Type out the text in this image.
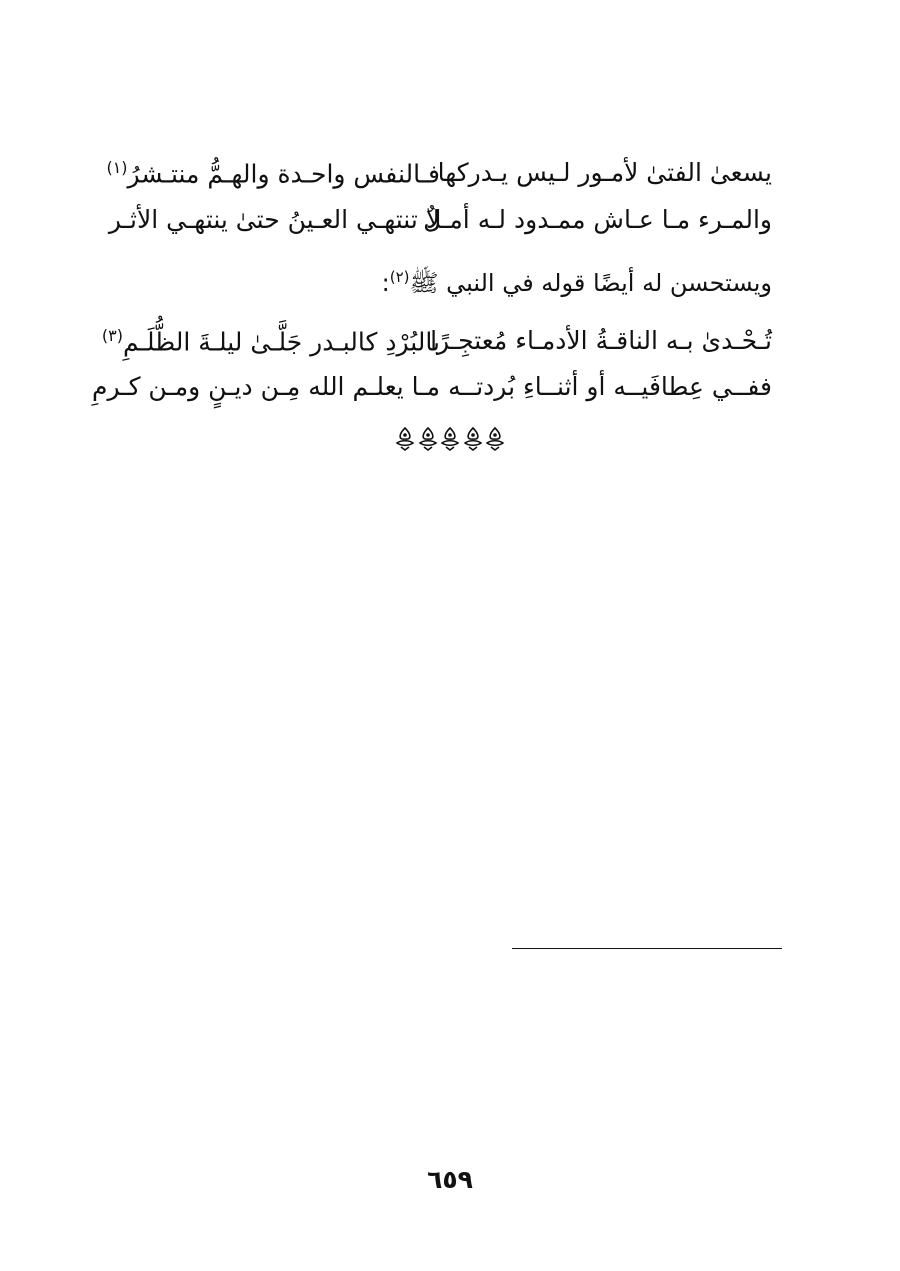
يسعىٰ الفتىٰ لأمـور لـيس يـدركها
فـالنفس واحـدة والهـمُّ منتـشرُ$^{(١)}$
والمـرء مـا عـاش ممـدود لـه أمـلٌ
لا تنتهـي العـينُ حتىٰ ينتهـي الأثـر
ويستحسن له أيضًا قوله في النبي ﷺ$^{(٢)}$:
تُـحْـدىٰ بـه الناقـةُ الأدمـاء مُعتجِـرًا
بالبُرْدِ كالبـدر جَلَّـىٰ ليلـةَ الظُّلَـمِ$^{(٣)}$
ففــي عِطافَيــه أو أثنــاءِ بُردتــه
مـا يعلـم الله مِـن ديـنٍ ومـن كـرمِ
٦٥٩
